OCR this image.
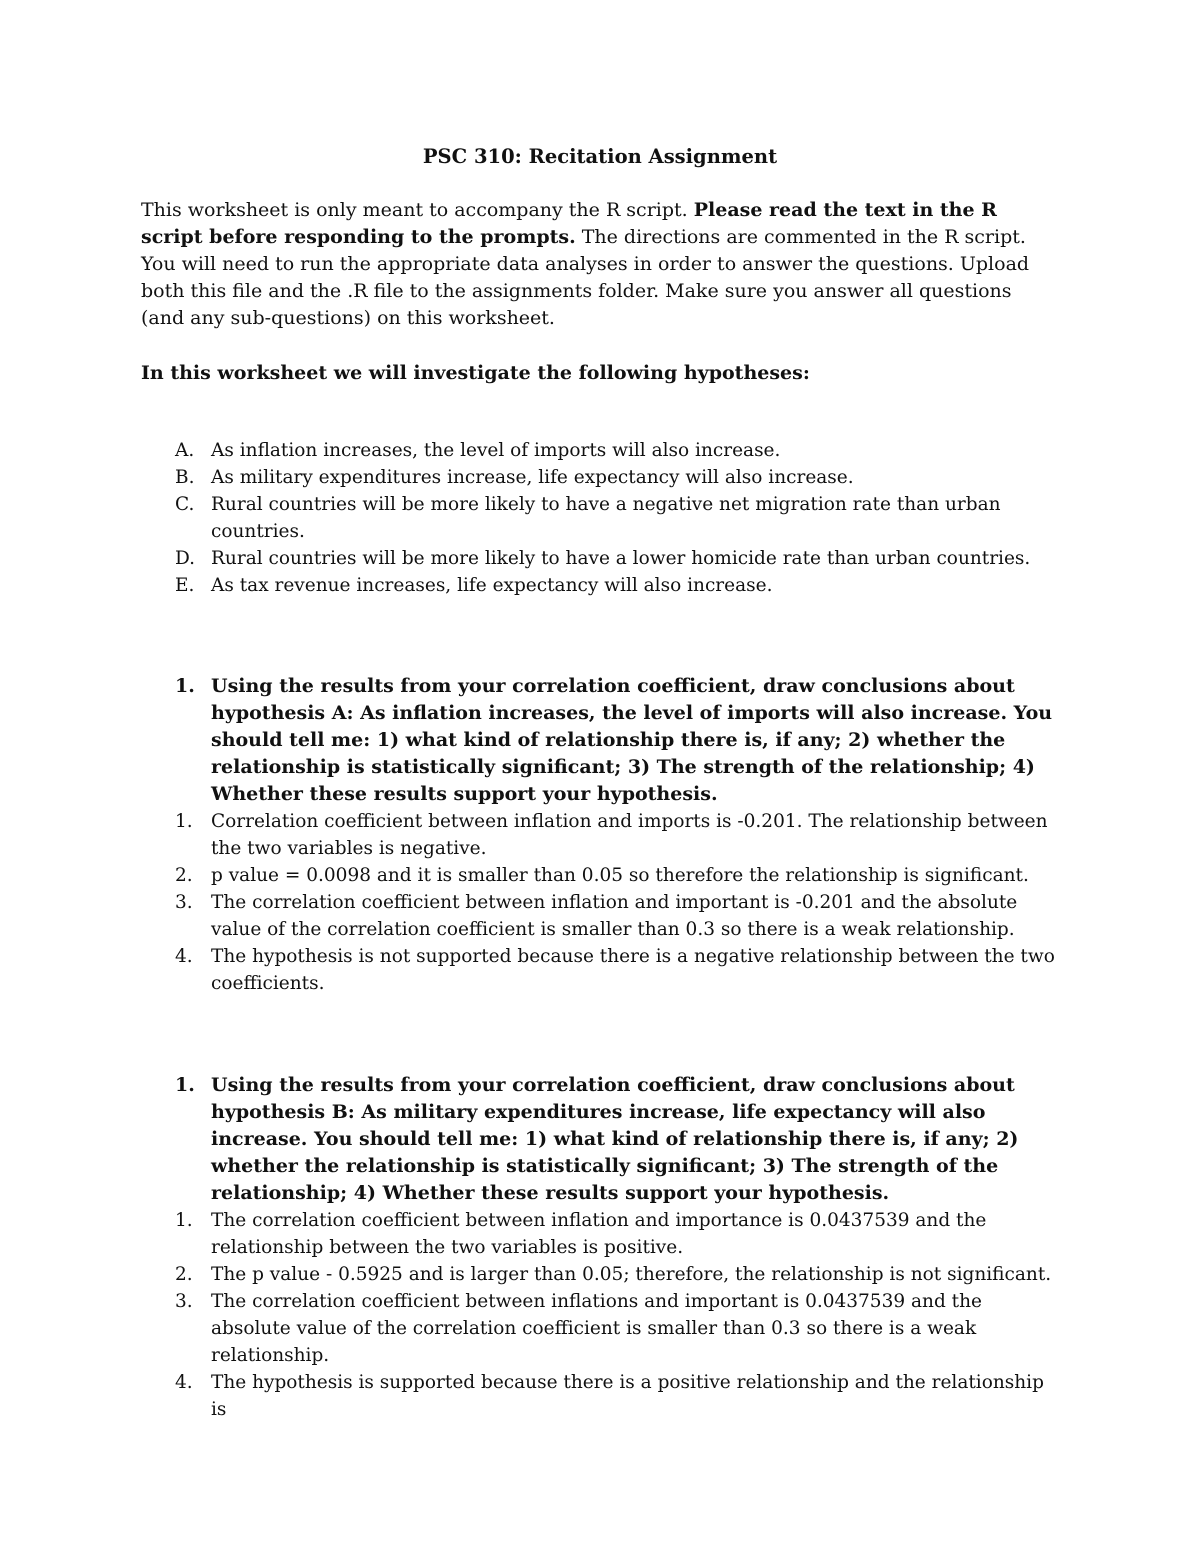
PSC 310: Recitation Assignment

This worksheet is only meant to accompany the R script. Please read the text in the R script before responding to the prompts. The directions are commented in the R script. You will need to run the appropriate data analyses in order to answer the questions. Upload both this file and the .R file to the assignments folder. Make sure you answer all questions (and any sub-questions) on this worksheet.

In this worksheet we will investigate the following hypotheses:

A. As inflation increases, the level of imports will also increase.
B. As military expenditures increase, life expectancy will also increase.
C. Rural countries will be more likely to have a negative net migration rate than urban countries.
D. Rural countries will be more likely to have a lower homicide rate than urban countries.
E. As tax revenue increases, life expectancy will also increase.
1. Using the results from your correlation coefficient, draw conclusions about hypothesis A: As inflation increases, the level of imports will also increase. You should tell me: 1) what kind of relationship there is, if any; 2) whether the relationship is statistically significant; 3) The strength of the relationship; 4) Whether these results support your hypothesis.
1. Correlation coefficient between inflation and imports is -0.201. The relationship between the two variables is negative.
2. p value = 0.0098 and it is smaller than 0.05 so therefore the relationship is significant.
3. The correlation coefficient between inflation and important is -0.201 and the absolute value of the correlation coefficient is smaller than 0.3 so there is a weak relationship.
4. The hypothesis is not supported because there is a negative relationship between the two coefficients.
1. Using the results from your correlation coefficient, draw conclusions about hypothesis B: As military expenditures increase, life expectancy will also increase. You should tell me: 1) what kind of relationship there is, if any; 2) whether the relationship is statistically significant; 3) The strength of the relationship; 4) Whether these results support your hypothesis.
1. The correlation coefficient between inflation and importance is 0.0437539 and the relationship between the two variables is positive.
2. The p value - 0.5925 and is larger than 0.05; therefore, the relationship is not significant.
3. The correlation coefficient between inflations and important is 0.0437539 and the absolute value of the correlation coefficient is smaller than 0.3 so there is a weak relationship.
4. The hypothesis is supported because there is a positive relationship and the relationship is
